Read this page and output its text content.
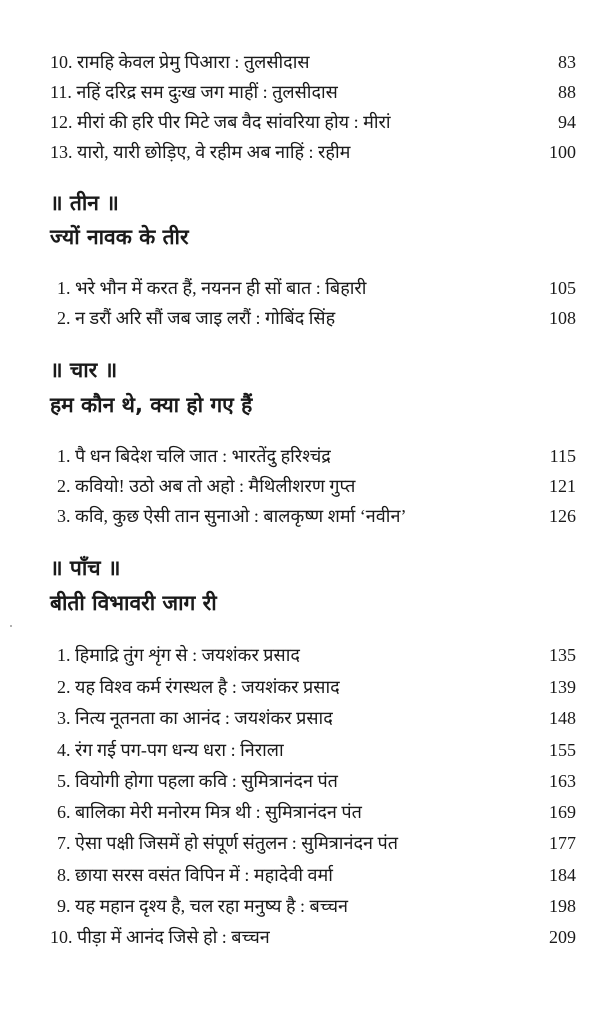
10. रामहि केवल प्रेमु पिआरा : तुलसीदास	83
11. नहिं दरिद्र सम दुःख जग माहीं : तुलसीदास	88
12. मीरां की हरि पीर मिटे जब वैद सांवरिया होय : मीरां	94
13. यारो, यारी छोड़िए, वे रहीम अब नाहिं : रहीम	100
॥ तीन ॥
ज्यों नावक के तीर
1. भरे भौन में करत हैं, नयनन ही सों बात : बिहारी	105
2. न डरौं अरि सौं जब जाइ लरौं : गोबिंद सिंह	108
॥ चार ॥
हम कौन थे, क्या हो गए हैं
1. पै धन बिदेश चलि जात : भारतेंदु हरिश्चंद्र	115
2. कवियो! उठो अब तो अहो : मैथिलीशरण गुप्त	121
3. कवि, कुछ ऐसी तान सुनाओ : बालकृष्ण शर्मा ‘नवीन’	126
॥ पाँच ॥
बीती विभावरी जाग री
1. हिमाद्रि तुंग शृंग से : जयशंकर प्रसाद	135
2. यह विश्व कर्म रंगस्थल है : जयशंकर प्रसाद	139
3. नित्य नूतनता का आनंद : जयशंकर प्रसाद	148
4. रंग गई पग-पग धन्य धरा : निराला	155
5. वियोगी होगा पहला कवि : सुमित्रानंदन पंत	163
6. बालिका मेरी मनोरम मित्र थी : सुमित्रानंदन पंत	169
7. ऐसा पक्षी जिसमें हो संपूर्ण संतुलन : सुमित्रानंदन पंत	177
8. छाया सरस वसंत विपिन में : महादेवी वर्मा	184
9. यह महान दृश्य है, चल रहा मनुष्य है : बच्चन	198
10. पीड़ा में आनंद जिसे हो : बच्चन	209
